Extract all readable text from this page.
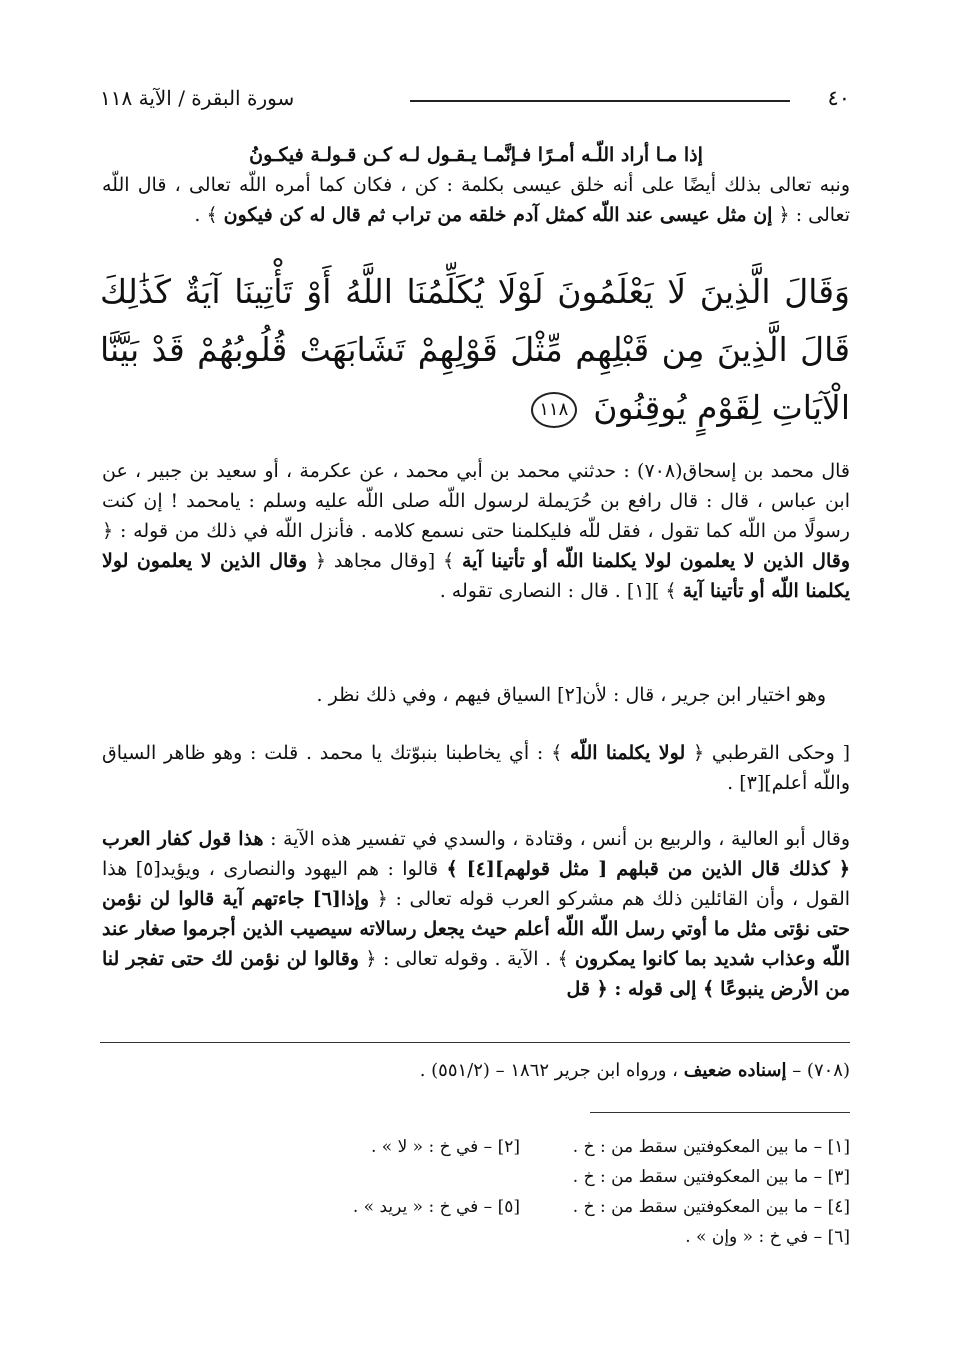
٤٠
سورة البقرة / الآية ١١٨

إذا مـا أراد اللّـه أمـرًا فـإنَّمـا يـقـول لـه كـن قـولـة فيكـونُ

ونبه تعالى بذلك أيضًا على أنه خلق عيسى بكلمة : كن ، فكان كما أمره اللّه تعالى ، قال اللّه تعالى : ﴿ إن مثل عيسى عند اللّه كمثل آدم خلقه من تراب ثم قال له كن فيكون ﴾ .

وَقَالَ الَّذِينَ لَا يَعْلَمُونَ لَوْلَا يُكَلِّمُنَا اللَّهُ أَوْ تَأْتِينَا آيَةٌ كَذَٰلِكَ قَالَ الَّذِينَ مِن قَبْلِهِم مِّثْلَ قَوْلِهِمْ تَشَابَهَتْ قُلُوبُهُمْ قَدْ بَيَّنَّا الْآيَاتِ لِقَوْمٍ يُوقِنُونَ ١١٨

قال محمد بن إسحاق(٧٠٨) : حدثني محمد بن أبي محمد ، عن عكرمة ، أو سعيد بن جبير ، عن ابن عباس ، قال : قال رافع بن حُرَيملة لرسول اللّه صلى اللّه عليه وسلم : يامحمد ! إن كنت رسولًا من اللّه كما تقول ، فقل للّه فليكلمنا حتى نسمع كلامه . فأنزل اللّه في ذلك من قوله : ﴿ وقال الذين لا يعلمون لولا يكلمنا اللّه أو تأتينا آية ﴾ [وقال مجاهد ﴿ وقال الذين لا يعلمون لولا يكلمنا اللّه أو تأتينا آية ﴾ ][١] . قال : النصارى تقوله .

وهو اختيار ابن جرير ، قال : لأن[٢] السياق فيهم ، وفي ذلك نظر .

[ وحكى القرطبي ﴿ لولا يكلمنا اللّه ﴾ : أي يخاطبنا بنبوّتك يا محمد . قلت : وهو ظاهر السياق واللّه أعلم][٣] .

وقال أبو العالية ، والربيع بن أنس ، وقتادة ، والسدي في تفسير هذه الآية : هذا قول كفار العرب ﴿ كذلك قال الذين من قبلهم [ مثل قولهم][٤] ﴾ قالوا : هم اليهود والنصارى ، ويؤيد[٥] هذا القول ، وأن القائلين ذلك هم مشركو العرب قوله تعالى : ﴿ وإذا[٦] جاءتهم آية قالوا لن نؤمن حتى نؤتى مثل ما أوتي رسل اللّه اللّه أعلم حيث يجعل رسالاته سيصيب الذين أجرموا صغار عند اللّه وعذاب شديد بما كانوا يمكرون ﴾ . الآية . وقوله تعالى : ﴿ وقالوا لن نؤمن لك حتى تفجر لنا من الأرض ينبوعًا ﴾ إلى قوله : ﴿ قل

(٧٠٨) – إسناده ضعيف ، ورواه ابن جرير ١٨٦٢ – (٥٥١/٢) .
[١] – ما بين المعكوفتين سقط من : خ .
[٢] – في خ : « لا » .
[٣] – ما بين المعكوفتين سقط من : خ .
[٤] – ما بين المعكوفتين سقط من : خ .
[٥] – في خ : « يريد » .
[٦] – في خ : « وإن » .
